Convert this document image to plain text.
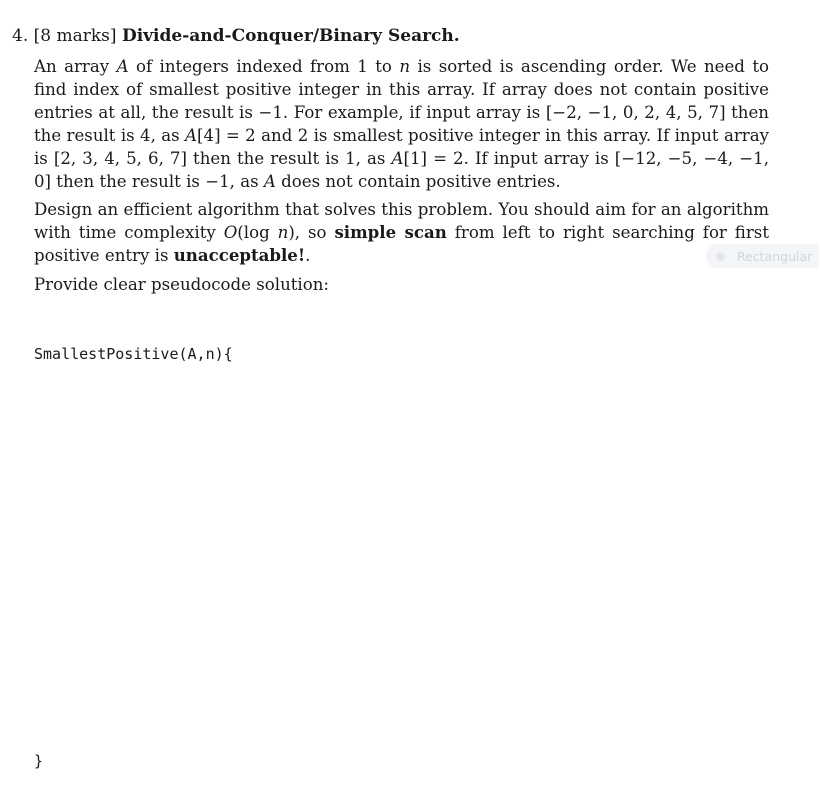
4. [8 marks] Divide-and-Conquer/Binary Search.
An array A of integers indexed from 1 to n is sorted is ascending order. We need to find index of smallest positive integer in this array. If array does not contain positive entries at all, the result is −1. For example, if input array is [−2, −1, 0, 2, 4, 5, 7] then the result is 4, as A[4] = 2 and 2 is smallest positive integer in this array. If input array is [2, 3, 4, 5, 6, 7] then the result is 1, as A[1] = 2. If input array is [−12, −5, −4, −1, 0] then the result is −1, as A does not contain positive entries.
Design an efficient algorithm that solves this problem. You should aim for an algorithm with time complexity O(log n), so simple scan from left to right searching for first positive entry is unacceptable!.
Provide clear pseudocode solution:
SmallestPositive(A,n){
}
Rectangular
